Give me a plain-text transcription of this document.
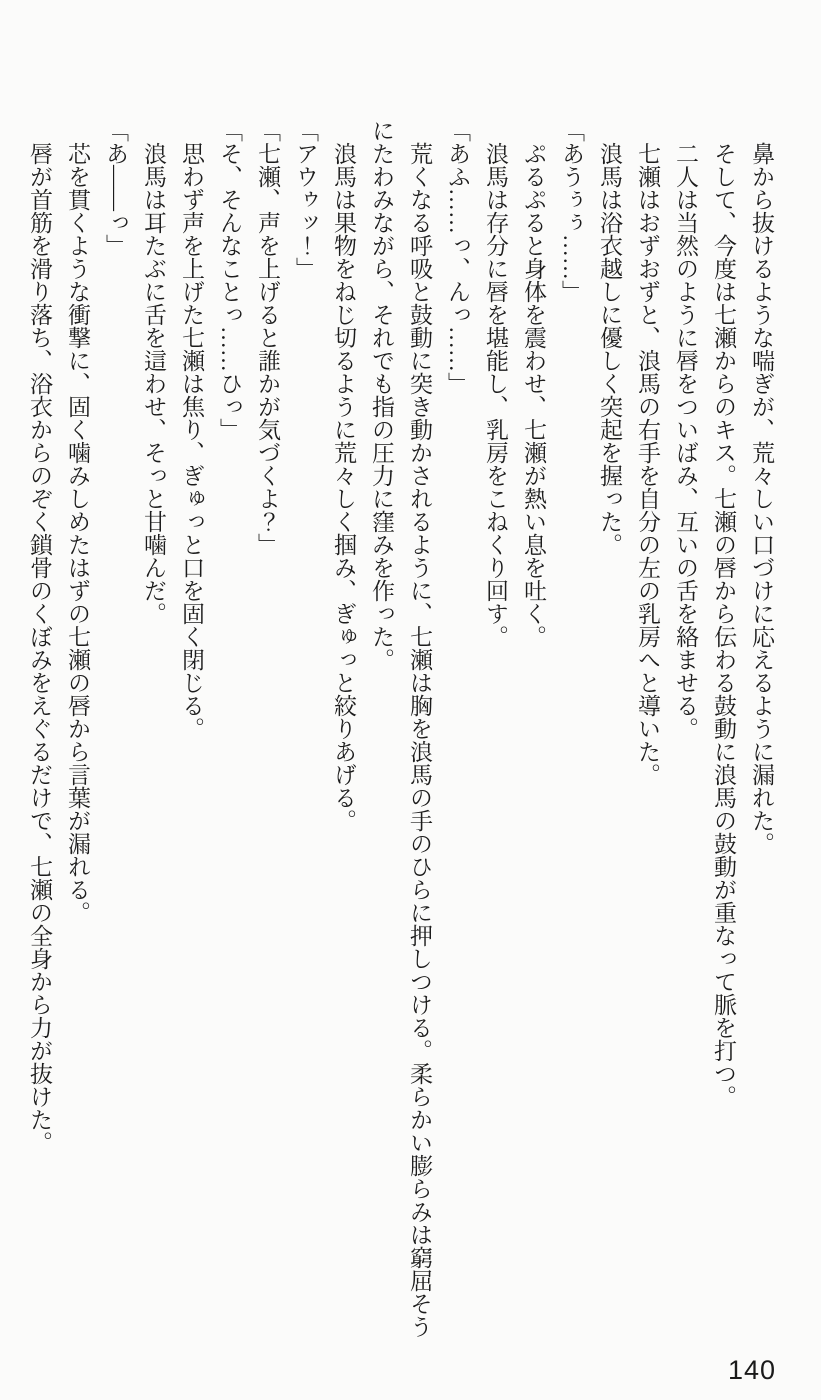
鼻から抜けるような喘ぎが、荒々しい口づけに応えるように漏れた。

そして、今度は七瀬からのキス。七瀬の唇から伝わる鼓動に浪馬の鼓動が重なって脈を打つ。

二人は当然のように唇をついばみ、互いの舌を絡ませる。

七瀬はおずおずと、浪馬の右手を自分の左の乳房へと導いた。

浪馬は浴衣越しに優しく突起を握った。

「あうぅぅ……」

ぷるぷると身体を震わせ、七瀬が熱い息を吐く。

浪馬は存分に唇を堪能し、乳房をこねくり回す。

「あふ……っ、んっ……」

荒くなる呼吸と鼓動に突き動かされるように、七瀬は胸を浪馬の手のひらに押しつける。柔らかい膨らみは窮屈そうにたわみながら、それでも指の圧力に窪みを作った。

浪馬は果物をねじ切るように荒々しく掴み、ぎゅっと絞りあげる。

「アウゥッ！」

「七瀬、声を上げると誰かが気づくよ？」

「そ、そんなことっ……ひっ」

思わず声を上げた七瀬は焦り、ぎゅっと口を固く閉じる。

浪馬は耳たぶに舌を這わせ、そっと甘噛んだ。

「あ――っ」

芯を貫くような衝撃に、固く噛みしめたはずの七瀬の唇から言葉が漏れる。

唇が首筋を滑り落ち、浴衣からのぞく鎖骨のくぼみをえぐるだけで、七瀬の全身から力が抜けた。

140
